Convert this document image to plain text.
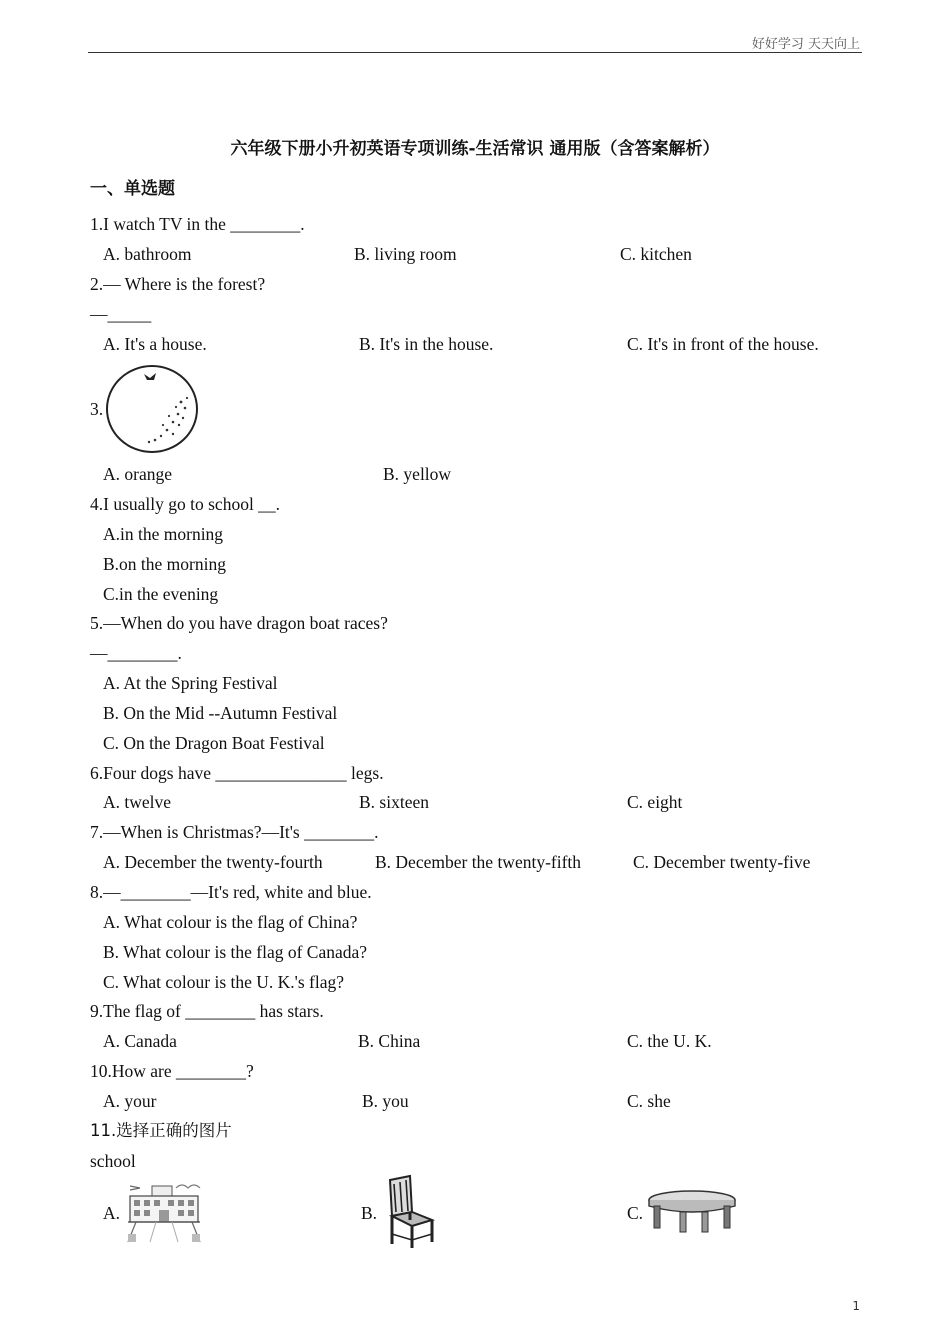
好好学习 天天向上
六年级下册小升初英语专项训练-生活常识 通用版（含答案解析）
一、单选题
1.I watch TV in the ________.
A. bathroom	B. living room	C. kitchen
2.— Where is the forest?
—_____
A. It's a house.	B. It's in the house.	C. It's in front of the house.
3.
A. orange	B. yellow
4.I usually go to school __.
A.in the morning
B.on the morning
C.in the evening
5.—When do you have dragon boat races?
—________.
A. At the Spring Festival
B. On the Mid --Autumn Festival
C. On the Dragon Boat Festival
6.Four dogs have _______________ legs.
A. twelve	B. sixteen	C. eight
7.—When is Christmas?—It's ________.
A. December the twenty-fourth	B. December the twenty-fifth	C. December twenty-five
8.—________—It's red, white and blue.
A. What colour is the flag of China?
B. What colour is the flag of Canada?
C. What colour is the U. K.'s flag?
9.The flag of ________ has stars.
A. Canada	B. China	C. the U. K.
10.How are ________?
A. your	B. you	C. she
11.选择正确的图片
school
A.	B.	C.
1
